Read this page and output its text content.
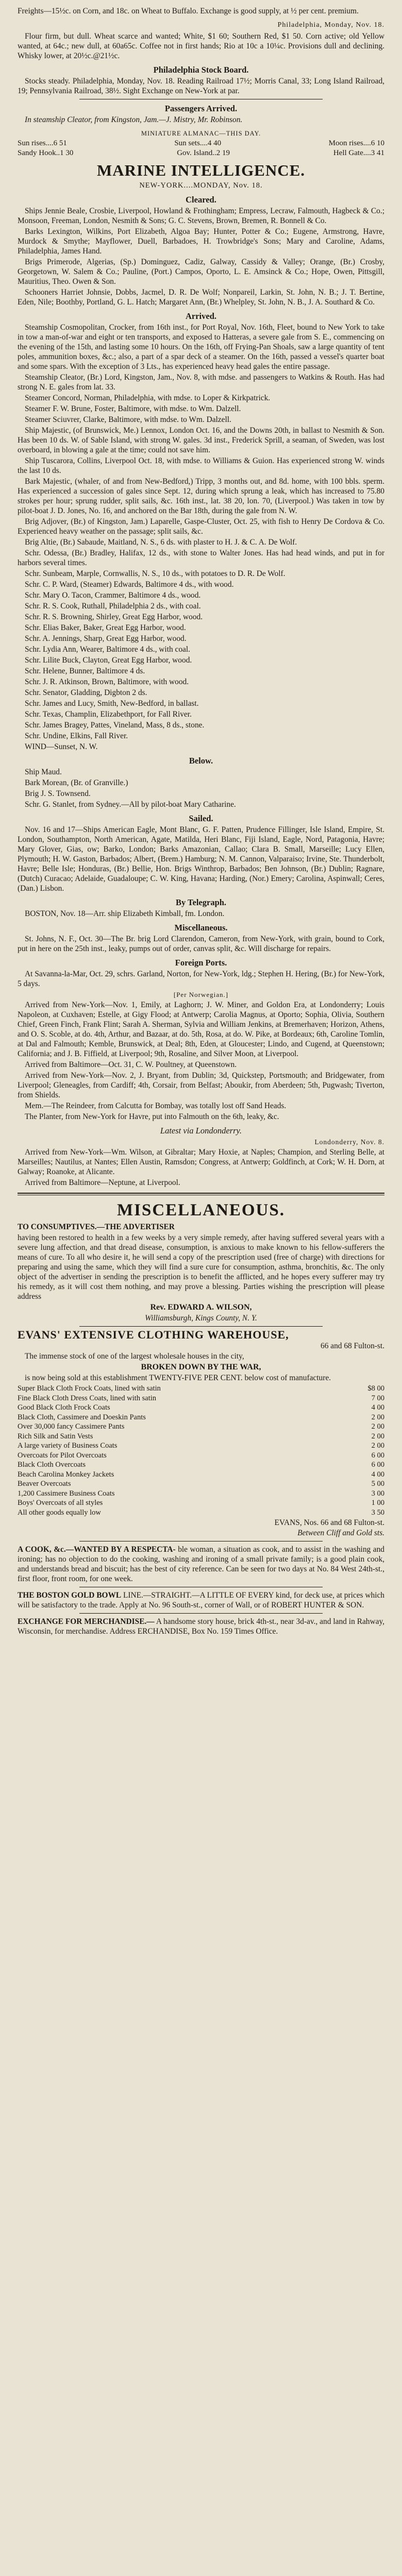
Freights—15½c. on Corn, and 18c. on Wheat to Buffalo. Exchange is good supply, at ½ per cent. premium.

Philadelphia, Monday, Nov. 18.

Flour firm, but dull. Wheat scarce and wanted; White, $1 60; Southern Red, $1 50. Corn active; old Yellow wanted, at 64c.; new dull, at 60a65c. Coffee not in first hands; Rio at 10c a 10¼c. Provisions dull and declining. Whisky lower, at 20½c.@21½c.

Philadelphia Stock Board.

Stocks steady. Philadelphia, Monday, Nov. 18. Reading Railroad 17½; Morris Canal, 33; Long Island Railroad, 19; Pennsylvania Railroad, 38½. Sight Exchange on New-York at par.

Passengers Arrived.

In steamship Cleator, from Kingston, Jam.—J. Mistry, Mr. Robinson.

MINIATURE ALMANAC—THIS DAY.
Sun rises....6 51	Sun sets....4 40	Moon rises....6 10
Sandy Hook..1 30	Gov. Island..2 19	Hell Gate....3 41
MARINE INTELLIGENCE.
NEW-YORK....MONDAY, Nov. 18.
Cleared.

Ships Jennie Beale, Crosbie, Liverpool, Howland & Frothingham; Empress, Lecraw, Falmouth, Hagbeck & Co.; Monsoon, Freeman, London, Nesmith & Sons; G. C. Stevens, Brown, Bremen, R. Bonnell & Co.

Barks Lexington, Wilkins, Port Elizabeth, Algoa Bay; Hunter, Potter & Co.; Eugene, Armstrong, Havre, Murdock & Smythe; Mayflower, Duell, Barbadoes, H. Trowbridge's Sons; Mary and Caroline, Adams, Philadelphia, James Hand.

Brigs Primerode, Algerias, (Sp.) Dominguez, Cadiz, Galway, Cassidy & Valley; Orange, (Br.) Crosby, Georgetown, W. Salem & Co.; Pauline, (Port.) Campos, Oporto, L. E. Amsinck & Co.; Hope, Owen, Pittsgill, Mauritius, Theo. Owen & Son.

Schooners Harriet Johnsie, Dobbs, Jacmel, D. R. De Wolf; Nonpareil, Larkin, St. John, N. B.; J. T. Bertine, Eden, Nile; Boothby, Portland, G. L. Hatch; Margaret Ann, (Br.) Whelpley, St. John, N. B., J. A. Southard & Co.

Arrived.

Steamship Cosmopolitan, Crocker, from 16th inst., for Port Royal, Nov. 16th, Fleet, bound to New York to take in tow a man-of-war and eight or ten transports, and exposed to Hatteras, a severe gale from S. E., commencing on the evening of the 15th, and lasting some 10 hours. On the 16th, off Frying-Pan Shoals, saw a large quantity of tent poles, ammunition boxes, &c.; also, a part of a spar deck of a steamer. On the 16th, passed a vessel's quarter boat and some spars. With the exception of 3 Lts., has experienced heavy head gales the entire passage.

Steamship Cleator, (Br.) Lord, Kingston, Jam., Nov. 8, with mdse. and passengers to Watkins & Routh. Has had strong N. E. gales from lat. 33.

Steamer Concord, Norman, Philadelphia, with mdse. to Loper & Kirkpatrick.

Steamer F. W. Brune, Foster, Baltimore, with mdse. to Wm. Dalzell.

Steamer Sciuvrer, Clarke, Baltimore, with mdse. to Wm. Dalzell.

Ship Majestic, (of Brunswick, Me.) Lennox, London Oct. 16, and the Downs 20th, in ballast to Nesmith & Son. Has been 10 ds. W. of Sable Island, with strong W. gales. 3d inst., Frederick Sprill, a seaman, of Sweden, was lost overboard, in blowing a gale at the time; could not save him.

Ship Tuscarora, Collins, Liverpool Oct. 18, with mdse. to Williams & Guion. Has experienced strong W. winds the last 10 ds.

Bark Majestic, (whaler, of and from New-Bedford,) Tripp, 3 months out, and 8d. home, with 100 bbls. sperm. Has experienced a succession of gales since Sept. 12, during which sprung a leak, which has increased to 75.80 strokes per hour; sprung rudder, split sails, &c. 16th inst., lat. 38 20, lon. 70, (Liverpool.) Was taken in tow by pilot-boat J. D. Jones, No. 16, and anchored on the Bar 18th, during the gale from N. W.

Brig Adjover, (Br.) of Kingston, Jam.) Laparelle, Gaspe-Cluster, Oct. 25, with fish to Henry De Cordova & Co. Experienced heavy weather on the passage; split sails, &c.

Brig Altie, (Br.) Sabaude, Maitland, N. S., 6 ds. with plaster to H. J. & C. A. De Wolf.

Schr. Odessa, (Br.) Bradley, Halifax, 12 ds., with stone to Walter Jones. Has had head winds, and put in for harbors several times.

Schr. Sunbeam, Marple, Cornwallis, N. S., 10 ds., with potatoes to D. R. De Wolf.

Schr. C. P. Ward, (Steamer) Edwards, Baltimore 4 ds., with wood.

Schr. Mary O. Tacon, Crammer, Baltimore 4 ds., wood.

Schr. R. S. Cook, Ruthall, Philadelphia 2 ds., with coal.

Schr. R. S. Browning, Shirley, Great Egg Harbor, wood.

Schr. Elias Baker, Baker, Great Egg Harbor, wood.

Schr. A. Jennings, Sharp, Great Egg Harbor, wood.

Schr. Lydia Ann, Wearer, Baltimore 4 ds., with coal.

Schr. Lilite Buck, Clayton, Great Egg Harbor, wood.

Schr. Helene, Bunner, Baltimore 4 ds.

Schr. J. R. Atkinson, Brown, Baltimore, with wood.

Schr. Senator, Gladding, Digbton 2 ds.

Schr. James and Lucy, Smith, New-Bedford, in ballast.

Schr. Texas, Champlin, Elizabethport, for Fall River.

Schr. James Bragey, Pattes, Vineland, Mass, 8 ds., stone.

Schr. Undine, Elkins, Fall River.

WIND—Sunset, N. W.

Below.

Ship Maud.

Bark Morean, (Br. of Granville.)

Brig J. S. Townsend.

Schr. G. Stanlet, from Sydney.—All by pilot-boat Mary Catharine.

Sailed.

Nov. 16 and 17—Ships American Eagle, Mont Blanc, G. F. Patten, Prudence Fillinger, Isle Island, Empire, St. London, Southampton, North American, Agate, Matilda, Heri Blanc, Fiji Island, Eagle, Nord, Patagonia, Havre; Mary Glover, Gias, ow; Barko, London; Barks Amazonian, Callao; Clara B. Small, Marseille; Lucy Ellen, Plymouth; H. W. Gaston, Barbados; Albert, (Brem.) Hamburg; N. M. Cannon, Valparaiso; Irvine, Ste. Thunderbolt, Havre; Belle Isle; Honduras, (Br.) Bellie, Hon. Brigs Winthrop, Barbados; Ben Johnson, (Br.) Dublin; Ragnare, (Dutch) Curacao; Adelaide, Guadaloupe; C. W. King, Havana; Harding, (Nor.) Emery; Carolina, Aspinwall; Ceres, (Dan.) Lisbon.

By Telegraph.

BOSTON, Nov. 18—Arr. ship Elizabeth Kimball, fm. London.

Miscellaneous.

St. Johns, N. F., Oct. 30—The Br. brig Lord Clarendon, Cameron, from New-York, with grain, bound to Cork, put in here on the 25th inst., leaky, pumps out of order, canvas split, &c. Will discharge for repairs.

Foreign Ports.

At Savanna-la-Mar, Oct. 29, schrs. Garland, Norton, for New-York, ldg.; Stephen H. Hering, (Br.) for New-York, 5 days.

[Per Norwegian.]

Arrived from New-York—Nov. 1, Emily, at Laghorn; J. W. Miner, and Goldon Era, at Londonderry; Louis Napoleon, at Cuxhaven; Estelle, at Gigy Flood; at Antwerp; Carolia Magnus, at Oporto; Sophia, Olivia, Southern Chief, Green Finch, Frank Flint; Sarah A. Sherman, Sylvia and William Jenkins, at Bremerhaven; Horizon, Athens, and O. S. Scoble, at do. 4th, Arthur, and Bazaar, at do. 5th, Rosa, at do. W. Pike, at Bordeaux; 6th, Caroline Tomlin, at Dal and Falmouth; Kemble, Brunswick, at Deal; 8th, Eden, at Gloucester; Lindo, and Cugend, at Queenstown; California; and J. B. Fiffield, at Liverpool; 9th, Rosaline, and Silver Moon, at Liverpool.

Arrived from Baltimore—Oct. 31, C. W. Poultney, at Queenstown.

Arrived from New-York—Nov. 2, J. Bryant, from Dublin; 3d, Quickstep, Portsmouth; and Bridgewater, from Liverpool; Gleneagles, from Cardiff; 4th, Corsair, from Belfast; Aboukir, from Aberdeen; 5th, Pugwash; Tiverton, from Shields.

Mem.—The Reindeer, from Calcutta for Bombay, was totally lost off Sand Heads.

The Planter, from New-York for Havre, put into Falmouth on the 6th, leaky, &c.

Latest via Londonderry.
Londonderry, Nov. 8.

Arrived from New-York—Wm. Wilson, at Gibraltar; Mary Hoxie, at Naples; Champion, and Sterling Belle, at Marseilles; Nautilus, at Nantes; Ellen Austin, Ramsdon; Congress, at Antwerp; Goldfinch, at Cork; W. H. Dorn, at Galway; Roanoke, at Alicante.

Arrived from Baltimore—Neptune, at Liverpool.

MISCELLANEOUS.

TO CONSUMPTIVES.—THE ADVERTISER

having been restored to health in a few weeks by a very simple remedy, after having suffered several years with a severe lung affection, and that dread disease, consumption, is anxious to make known to his fellow-sufferers the means of cure. To all who desire it, he will send a copy of the prescription used (free of charge) with directions for preparing and using the same, which they will find a sure cure for consumption, asthma, bronchitis, &c. The only object of the advertiser in sending the prescription is to benefit the afflicted, and he hopes every sufferer may try his remedy, as it will cost them nothing, and may prove a blessing. Parties wishing the prescription will please address

Rev. EDWARD A. WILSON,
Williamsburgh, Kings County, N. Y.
EVANS' EXTENSIVE CLOTHING WAREHOUSE,
66 and 68 Fulton-st.

The immense stock of one of the largest wholesale houses in the city,

BROKEN DOWN BY THE WAR,

is now being sold at this establishment TWENTY-FIVE PER CENT. below cost of manufacture.

Super Black Cloth Frock Coats, lined with satin	$8 00
Fine Black Cloth Dress Coats, lined with satin	7 00
Good Black Cloth Frock Coats	4 00
Black Cloth, Cassimere and Doeskin Pants	2 00
Over 30,000 fancy Cassimere Pants	2 00
Rich Silk and Satin Vests	2 00
A large variety of Business Coats	2 00
Overcoats for Pilot Overcoats	6 00
Black Cloth Overcoats	6 00
Beach Carolina Monkey Jackets	4 00
Beaver Overcoats	5 00
1,200 Cassimere Business Coats	3 00
Boys' Overcoats of all styles	1 00
All other goods equally low	3 50
EVANS, Nos. 66 and 68 Fulton-st.
Between Cliff and Gold sts.

A COOK, &c.—WANTED BY A RESPECTA- ble woman, a situation as cook, and to assist in the washing and ironing; has no objection to do the cooking, washing and ironing of a small private family; is a good plain cook, and understands bread and biscuit; has the best of city reference. Can be seen for two days at No. 84 West 24th-st., first floor, front room, for one week.

THE BOSTON GOLD BOWL LINE.—STRAIGHT.—A LITTLE OF EVERY kind, for deck use, at prices which will be satisfactory to the trade. Apply at No. 96 South-st., corner of Wall, or of ROBERT HUNTER & SON.

EXCHANGE FOR MERCHANDISE.— A handsome story house, brick 4th-st., near 3d-av., and land in Rahway, Wisconsin, for merchandise. Address ERCHANDISE, Box No. 159 Times Office.
